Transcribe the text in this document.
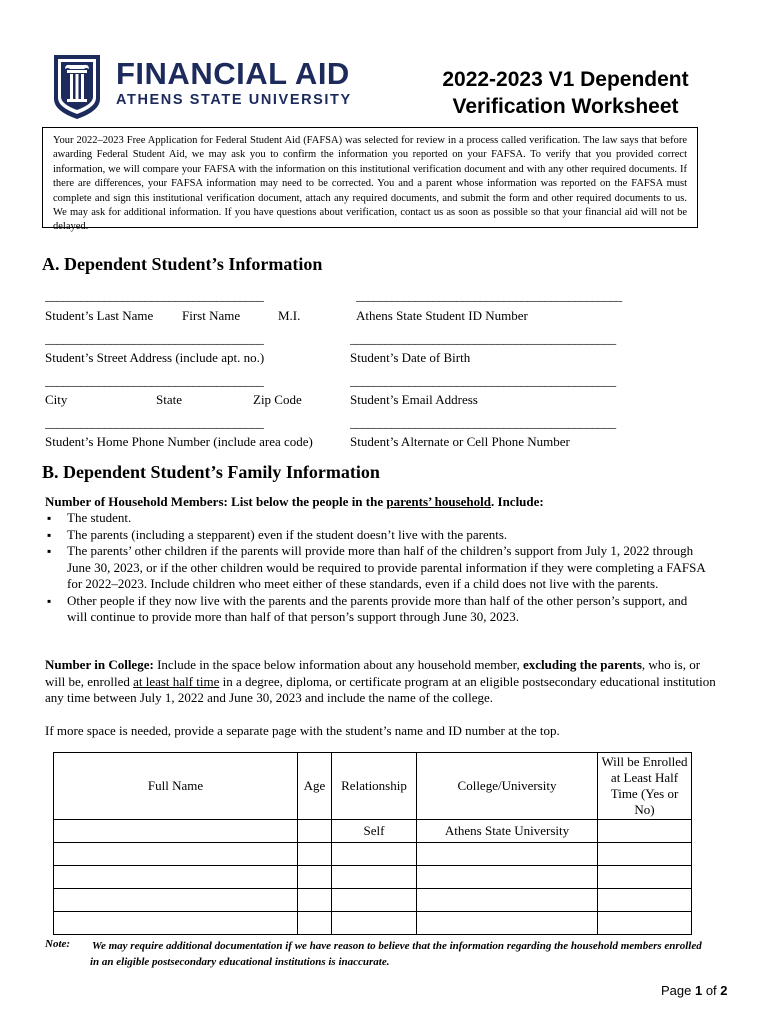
FINANCIAL AID
ATHENS STATE UNIVERSITY
2022-2023 V1 Dependent
Verification Worksheet
Your 2022–2023 Free Application for Federal Student Aid (FAFSA) was selected for review in a process called verification. The law says that before awarding Federal Student Aid, we may ask you to confirm the information you reported on your FAFSA. To verify that you provided correct information, we will compare your FAFSA with the information on this institutional verification document and with any other required documents. If there are differences, your FAFSA information may need to be corrected. You and a parent whose information was reported on the FAFSA must complete and sign this institutional verification document, attach any required documents, and submit the form and other required documents to us. We may ask for additional information. If you have questions about verification, contact us as soon as possible so that your financial aid will not be delayed.
A. Dependent Student’s Information
_____________________________________	_____________________________________________
Student’s Last Name First Name	M.I.	Athens State Student ID Number
_____________________________________	_____________________________________________
Student’s Street Address (include apt. no.)	Student’s Date of Birth
_____________________________________	_____________________________________________
City	State	Zip Code	Student’s Email Address
_____________________________________	_____________________________________________
Student’s Home Phone Number (include area code)	Student’s Alternate or Cell Phone Number
B. Dependent Student’s Family Information
Number of Household Members: List below the people in the parents’ household. Include:
▪ The student.
▪ The parents (including a stepparent) even if the student doesn’t live with the parents.
▪ The parents’ other children if the parents will provide more than half of the children’s support from July 1, 2022 through June 30, 2023, or if the other children would be required to provide parental information if they were completing a FAFSA for 2022–2023. Include children who meet either of these standards, even if a child does not live with the parents.
▪ Other people if they now live with the parents and the parents provide more than half of the other person’s support, and will continue to provide more than half of that person’s support through June 30, 2023.
Number in College: Include in the space below information about any household member, excluding the parents, who is, or will be, enrolled at least half time in a degree, diploma, or certificate program at an eligible postsecondary educational institution any time between July 1, 2022 and June 30, 2023 and include the name of the college.
If more space is needed, provide a separate page with the student’s name and ID number at the top.
Full Name	Age	Relationship	College/University	Will be Enrolled at Least Half Time (Yes or No)
		Self	Athens State University	

Note: We may require additional documentation if we have reason to believe that the information regarding the household members enrolled in an eligible postsecondary educational institutions is inaccurate.
Page 1 of 2
